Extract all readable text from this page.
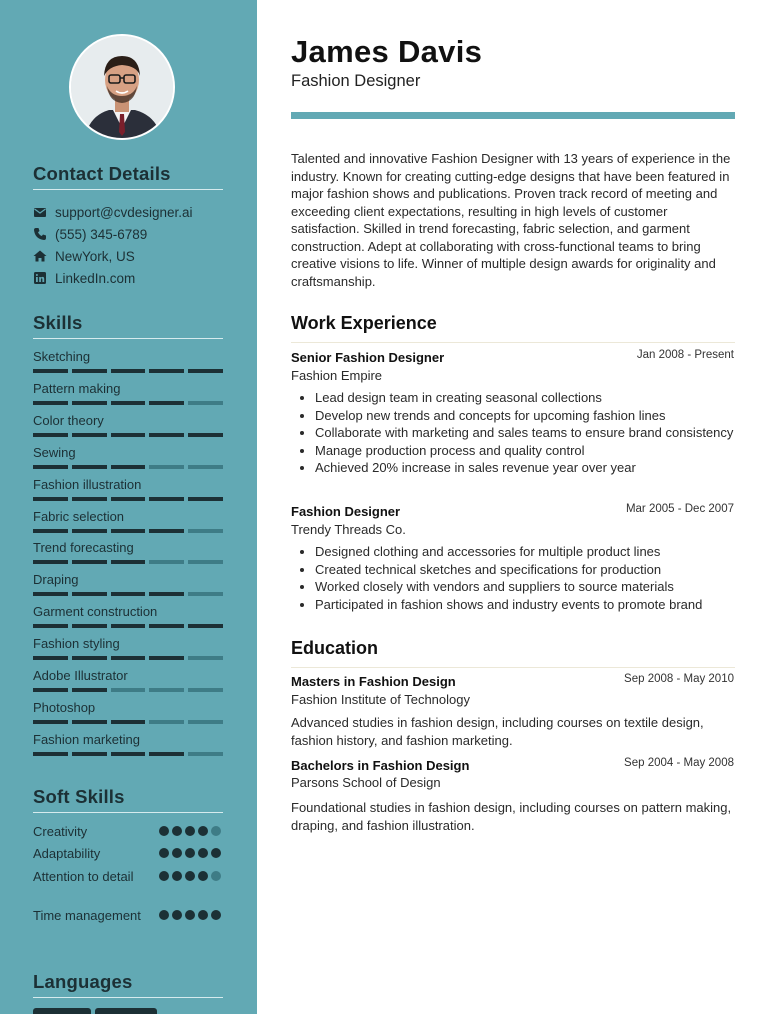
Contact Details
support@cvdesigner.ai
(555) 345-6789
NewYork, US
LinkedIn.com
Skills
Sketching
Pattern making
Color theory
Sewing
Fashion illustration
Fabric selection
Trend forecasting
Draping
Garment construction
Fashion styling
Adobe Illustrator
Photoshop
Fashion marketing
Soft Skills
Creativity
Adaptability
Attention to detail
Time management
Languages
James Davis
Fashion Designer
Talented and innovative Fashion Designer with 13 years of experience in the industry. Known for creating cutting-edge designs that have been featured in major fashion shows and publications. Proven track record of meeting and exceeding client expectations, resulting in high levels of customer satisfaction. Skilled in trend forecasting, fabric selection, and garment construction. Adept at collaborating with cross-functional teams to bring creative visions to life. Winner of multiple design awards for originality and craftsmanship.
Work Experience
Senior Fashion Designer	Jan 2008 - Present
Fashion Empire
Lead design team in creating seasonal collections
Develop new trends and concepts for upcoming fashion lines
Collaborate with marketing and sales teams to ensure brand consistency
Manage production process and quality control
Achieved 20% increase in sales revenue year over year
Fashion Designer	Mar 2005 - Dec 2007
Trendy Threads Co.
Designed clothing and accessories for multiple product lines
Created technical sketches and specifications for production
Worked closely with vendors and suppliers to source materials
Participated in fashion shows and industry events to promote brand
Education
Masters in Fashion Design	Sep 2008 - May 2010
Fashion Institute of Technology
Advanced studies in fashion design, including courses on textile design, fashion history, and fashion marketing.
Bachelors in Fashion Design	Sep 2004 - May 2008
Parsons School of Design
Foundational studies in fashion design, including courses on pattern making, draping, and fashion illustration.
